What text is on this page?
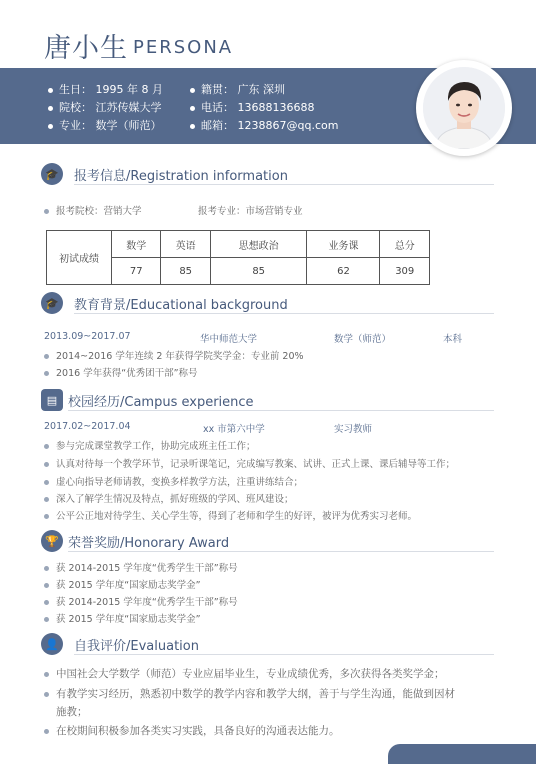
唐小生 PERSONA
生日： 1995 年 8 月
院校： 江苏传媒大学
专业： 数学（师范）
籍贯： 广东 深圳
电话： 13688136688
邮箱： 1238867@qq.com
🎓	报考信息/Registration information
报考院校：营销大学	报考专业：市场营销专业
初试成绩	数学	英语	思想政治	业务课	总分
	77	85	85	62	309
🎓	教育背景/Educational background
2013.09~2017.07	华中师范大学	数学（师范）	本科
2014~2016 学年连续 2 年获得学院奖学金：专业前 20%
2016 学年获得“优秀团干部”称号
▤ 校园经历/Campus experience
2017.02~2017.04	xx 市第六中学	实习教师
参与完成课堂教学工作，协助完成班主任工作；
认真对待每一个教学环节，记录听课笔记，完成编写教案、试讲、正式上课、课后辅导等工作；
虚心向指导老师请教，变换多样教学方法，注重讲练结合；
深入了解学生情况及特点，抓好班级的学风、班风建设；
公平公正地对待学生、关心学生等，得到了老师和学生的好评，被评为优秀实习老师。
🏆 荣誉奖励/Honorary Award
获 2014-2015 学年度“优秀学生干部”称号
获 2015 学年度“国家励志奖学金”
获 2014-2015 学年度“优秀学生干部”称号
获 2015 学年度“国家励志奖学金”
👤	自我评价/Evaluation
中国社会大学数学（师范）专业应届毕业生，专业成绩优秀，多次获得各类奖学金；
有教学实习经历，熟悉初中数学的教学内容和教学大纲，善于与学生沟通，能做到因材
施教；
在校期间积极参加各类实习实践，具备良好的沟通表达能力。
